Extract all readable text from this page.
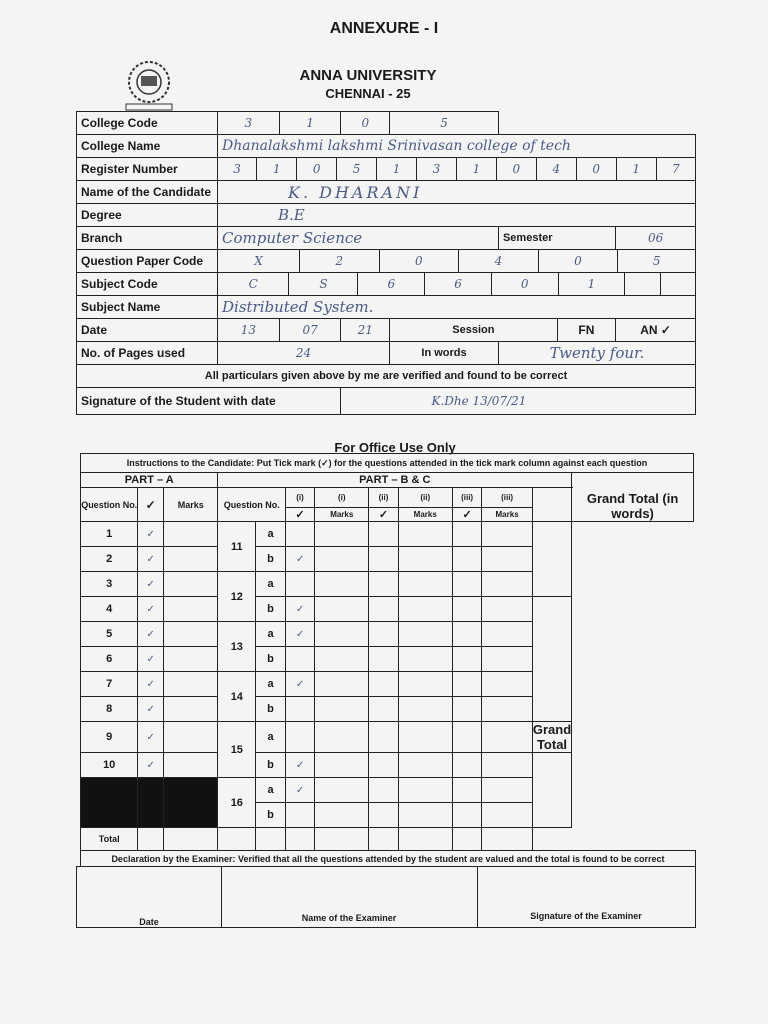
ANNEXURE - I
ANNA UNIVERSITY
CHENNAI - 25
College Code	3	1	0	5	
College Name	Dhanalakshmi lakshmi Srinivasan college of tech
Register Number		3	1	0	5	1	3	1	0	4	0	1	7

Name of the Candidate	K. DHARANI
Degree	B.E
Branch	Computer Science	Semester	06
Question Paper Code		X	2	0	4	0	5

Subject Code		C	S	6	6	0	1		

Subject Name	Distributed System.
Date	13	07	21	Session	FN	AN ✓
No. of Pages used	24	In words	Twenty four.
All particulars given above by me are verified and found to be correct
Signature of the Student with date	K.Dhe 13/07/21
For Office Use Only
Instructions to the Candidate: Put Tick mark (✓) for the questions attended in the tick mark column against each question												
PART – A			PART – B & C									Grand Total (in words)
Question No.	✓	Marks	Question No.		(i)	(i)	(ii)	(ii)	(iii)	(iii)	
					✓	Marks	✓	Marks	✓	Marks		
1	✓		11	a								
2	✓			b	✓							
3	✓		12	a								
4	✓			b	✓							
5	✓		13	a	✓							
6	✓			b								
7	✓		14	a	✓							
8	✓			b								
9	✓		15	a							Grand Total	
10	✓			b	✓							
			16	a	✓							
				b								
Total												
Declaration by the Examiner: Verified that all the questions attended by the student are valued and the total is found to be correct
Date	Name of the Examiner	Signature of the Examiner
